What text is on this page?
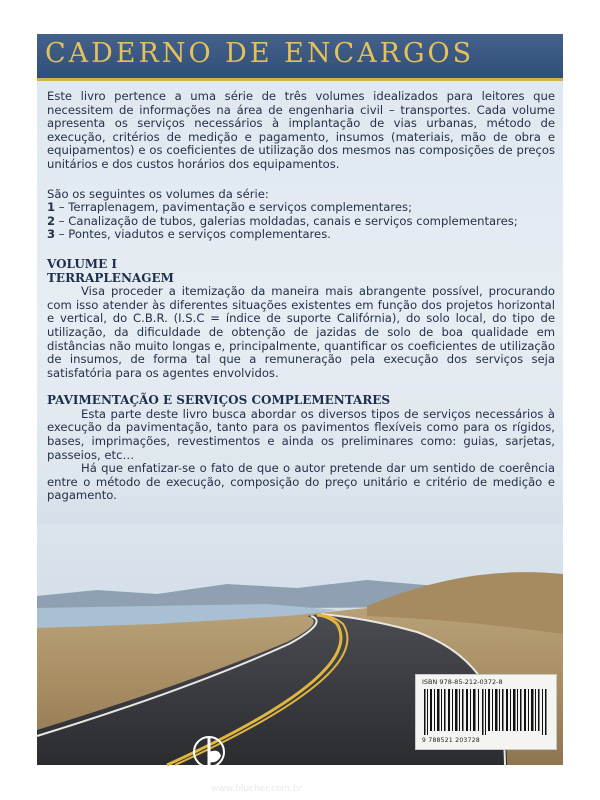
CADERNO DE ENCARGOS

Este livro pertence a uma série de três volumes idealizados para leitores que necessitem de informações na área de engenharia civil – transportes. Cada volume apresenta os serviços necessários à implantação de vias urbanas, método de execução, critérios de medição e pagamento, insumos (materiais, mão de obra e equipamentos) e os coeficientes de utilização dos mesmos nas composições de preços unitários e dos custos horários dos equipamentos.

São os seguintes os volumes da série:

1 – Terraplenagem, pavimentação e serviços complementares;
2 – Canalização de tubos, galerias moldadas, canais e serviços complementares;
3 – Pontes, viadutos e serviços complementares.

VOLUME I

TERRAPLENAGEM

Visa proceder a itemização da maneira mais abrangente possível, procurando com isso atender às diferentes situações existentes em função dos projetos horizontal e vertical, do C.B.R. (I.S.C = índice de suporte Califórnia), do solo local, do tipo de utilização, da dificuldade de obtenção de jazidas de solo de boa qualidade em distâncias não muito longas e, principalmente, quantificar os coeficientes de utilização de insumos, de forma tal que a remuneração pela execução dos serviços seja satisfatória para os agentes envolvidos.

PAVIMENTAÇÃO E SERVIÇOS COMPLEMENTARES

Esta parte deste livro busca abordar os diversos tipos de serviços necessários à execução da pavimentação, tanto para os pavimentos flexíveis como para os rígidos, bases, imprimações, revestimentos e ainda os preliminares como: guias, sarjetas, passeios, etc…

Há que enfatizar-se o fato de que o autor pretende dar um sentido de coerência entre o método de execução, composição do preço unitário e critério de medição e pagamento.

ISBN 978-85-212-0372-8
9 788521 203728
EDITORA EDGARD BLÜCHER
www.blucher.com.br
